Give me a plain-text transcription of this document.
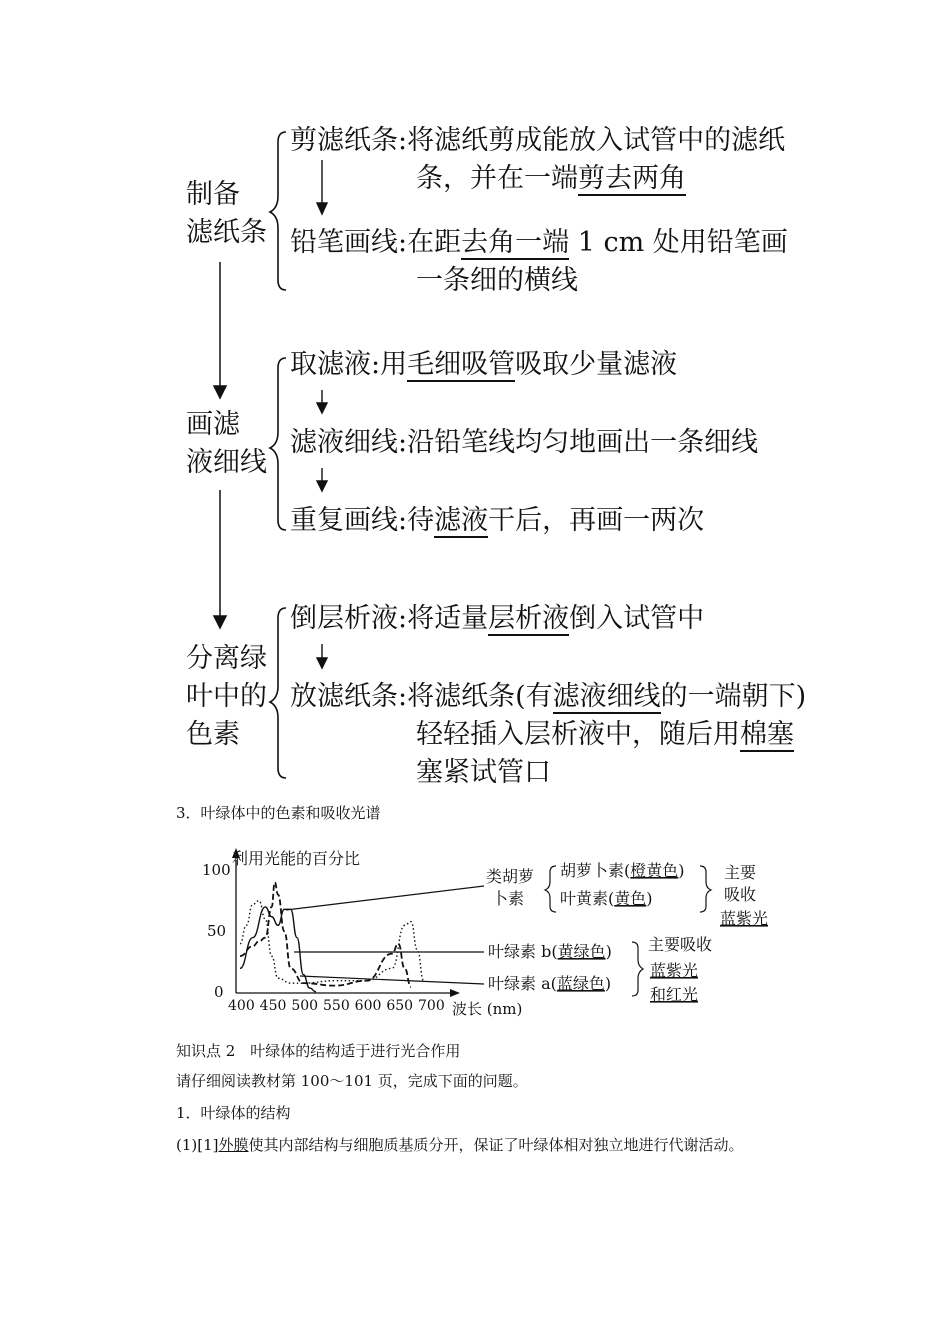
制备
滤纸条
剪滤纸条:将滤纸剪成能放入试管中的滤纸
条，并在一端剪去两角
铅笔画线:在距去角一端 1 cm 处用铅笔画
一条细的横线
画滤
液细线
取滤液:用毛细吸管吸取少量滤液
滤液细线:沿铅笔线均匀地画出一条细线
重复画线:待滤液干后，再画一两次
分离绿
叶中的
色素
倒层析液:将适量层析液倒入试管中
放滤纸条:将滤纸条(有滤液细线的一端朝下)
轻轻插入层析液中，随后用棉塞
塞紧试管口
3．叶绿体中的色素和吸收光谱
100
50
0
利用光能的百分比
400 450 500 550 600 650 700 波长 (nm)
类胡萝
卜素
胡萝卜素(橙黄色)
叶黄素(黄色)
主要
吸收
蓝紫光
叶绿素 b(黄绿色)
叶绿素 a(蓝绿色)
主要吸收
蓝紫光
和红光
知识点 2　叶绿体的结构适于进行光合作用
请仔细阅读教材第 100～101 页，完成下面的问题。
1．叶绿体的结构
(1)[1]外膜使其内部结构与细胞质基质分开，保证了叶绿体相对独立地进行代谢活动。
